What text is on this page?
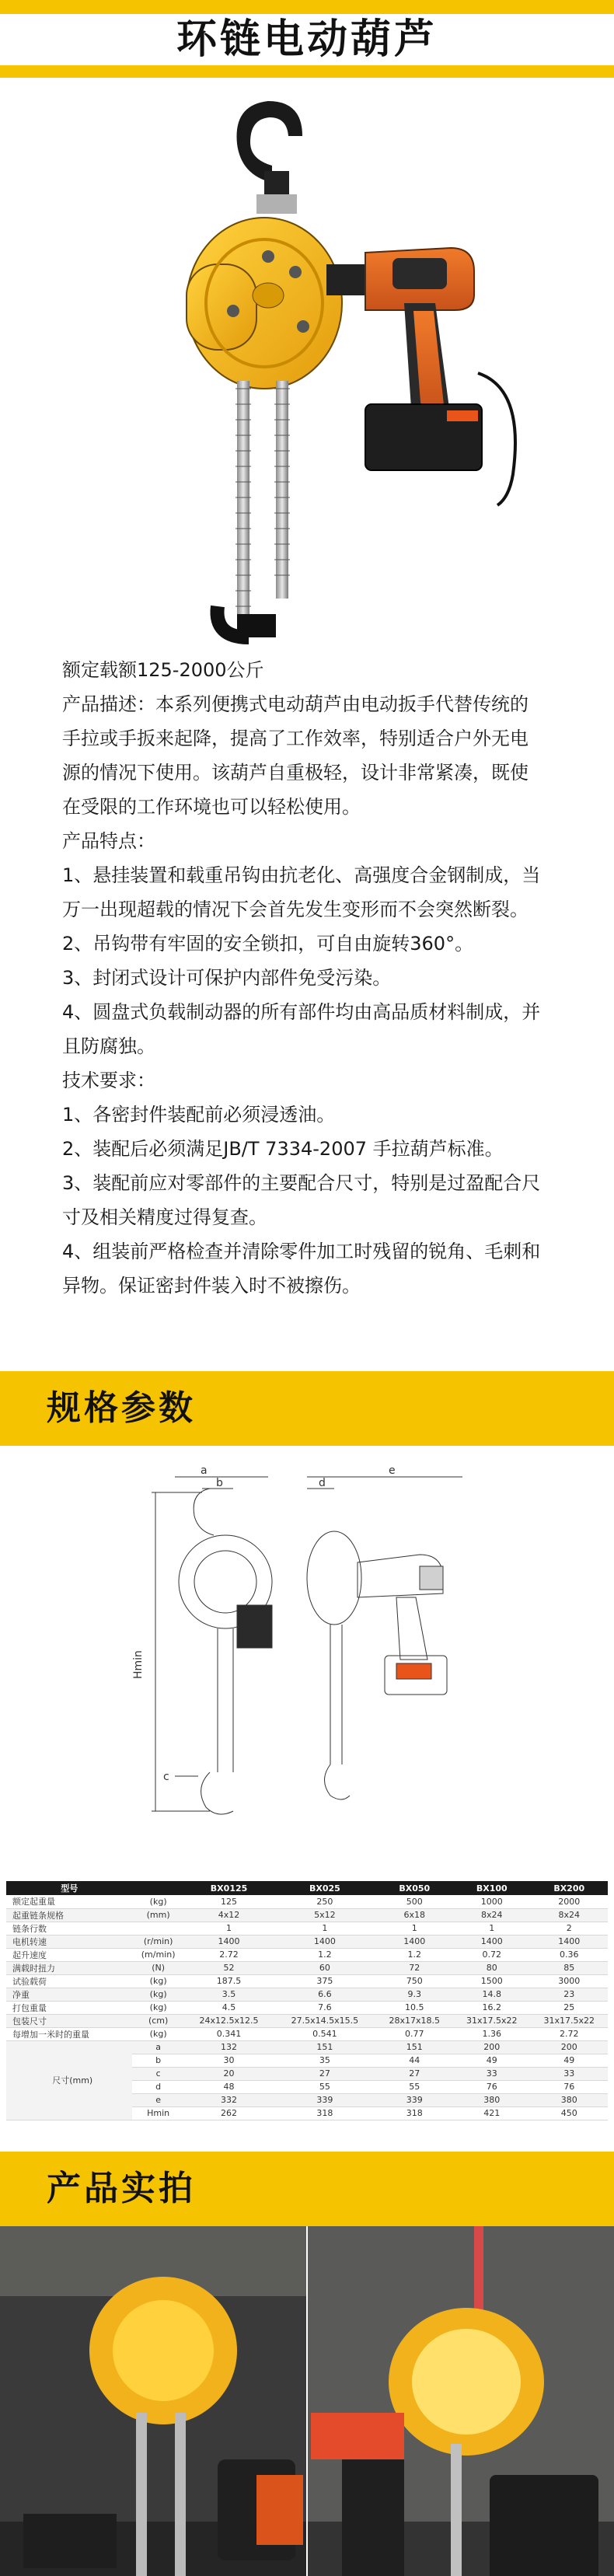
环链电动葫芦

额定载额125-2000公斤

产品描述：本系列便携式电动葫芦由电动扳手代替传统的

手拉或手扳来起降，提高了工作效率，特别适合户外无电

源的情况下使用。该葫芦自重极轻，设计非常紧凑，既使

在受限的工作环境也可以轻松使用。

产品特点：

1、悬挂装置和载重吊钩由抗老化、高强度合金钢制成，当

万一出现超载的情况下会首先发生变形而不会突然断裂。

2、吊钩带有牢固的安全锁扣，可自由旋转360°。

3、封闭式设计可保护内部件免受污染。

4、圆盘式负载制动器的所有部件均由高品质材料制成，并

且防腐独。

技术要求：

1、各密封件装配前必须浸透油。

2、装配后必须满足JB/T 7334-2007 手拉葫芦标准。

3、装配前应对零部件的主要配合尺寸，特别是过盈配合尺

寸及相关精度过得复查。

4、组装前严格检查并清除零件加工时残留的锐角、毛刺和

异物。保证密封件装入时不被擦伤。

规格参数
a
b
c
d
e
Hmin
型号		BX0125	BX025	BX050	BX100	BX200
额定起重量	(kg)	125	250	500	1000	2000
起重链条规格	(mm)	4x12	5x12	6x18	8x24	8x24
链条行数		1	1	1	1	2
电机转速	(r/min)	1400	1400	1400	1400	1400
起升速度	(m/min)	2.72	1.2	1.2	0.72	0.36
满载时扭力	(N)	52	60	72	80	85
试验载荷	(kg)	187.5	375	750	1500	3000
净重	(kg)	3.5	6.6	9.3	14.8	23
打包重量	(kg)	4.5	7.6	10.5	16.2	25
包装尺寸	(cm)	24x12.5x12.5	27.5x14.5x15.5	28x17x18.5	31x17.5x22	31x17.5x22
每增加一米时的重量	(kg)	0.341	0.541	0.77	1.36	2.72
尺寸(mm)	a	132	151	151	200	200
	b	30	35	44	49	49
	c	20	27	27	33	33
	d	48	55	55	76	76
	e	332	339	339	380	380
	Hmin	262	318	318	421	450
产品实拍
